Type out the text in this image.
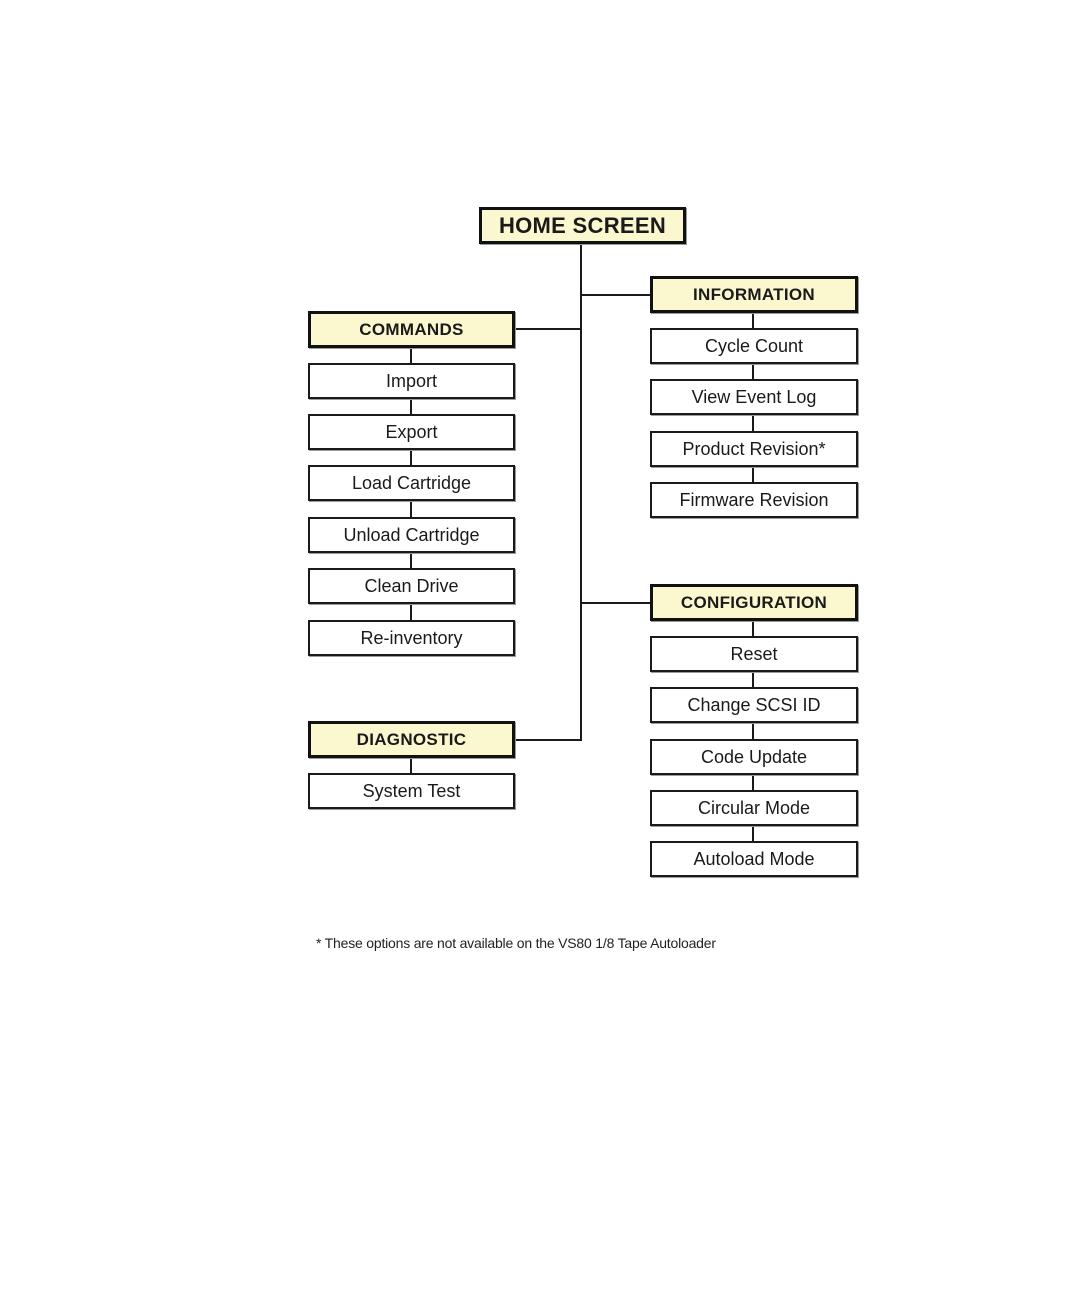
HOME SCREEN
COMMANDS
Import
Export
Load Cartridge
Unload Cartridge
Clean Drive
Re-inventory
DIAGNOSTIC
System Test
INFORMATION
Cycle Count
View Event Log
Product Revision*
Firmware Revision
CONFIGURATION
Reset
Change SCSI ID
Code Update
Circular Mode
Autoload Mode
* These options are not available on the VS80 1/8 Tape Autoloader
